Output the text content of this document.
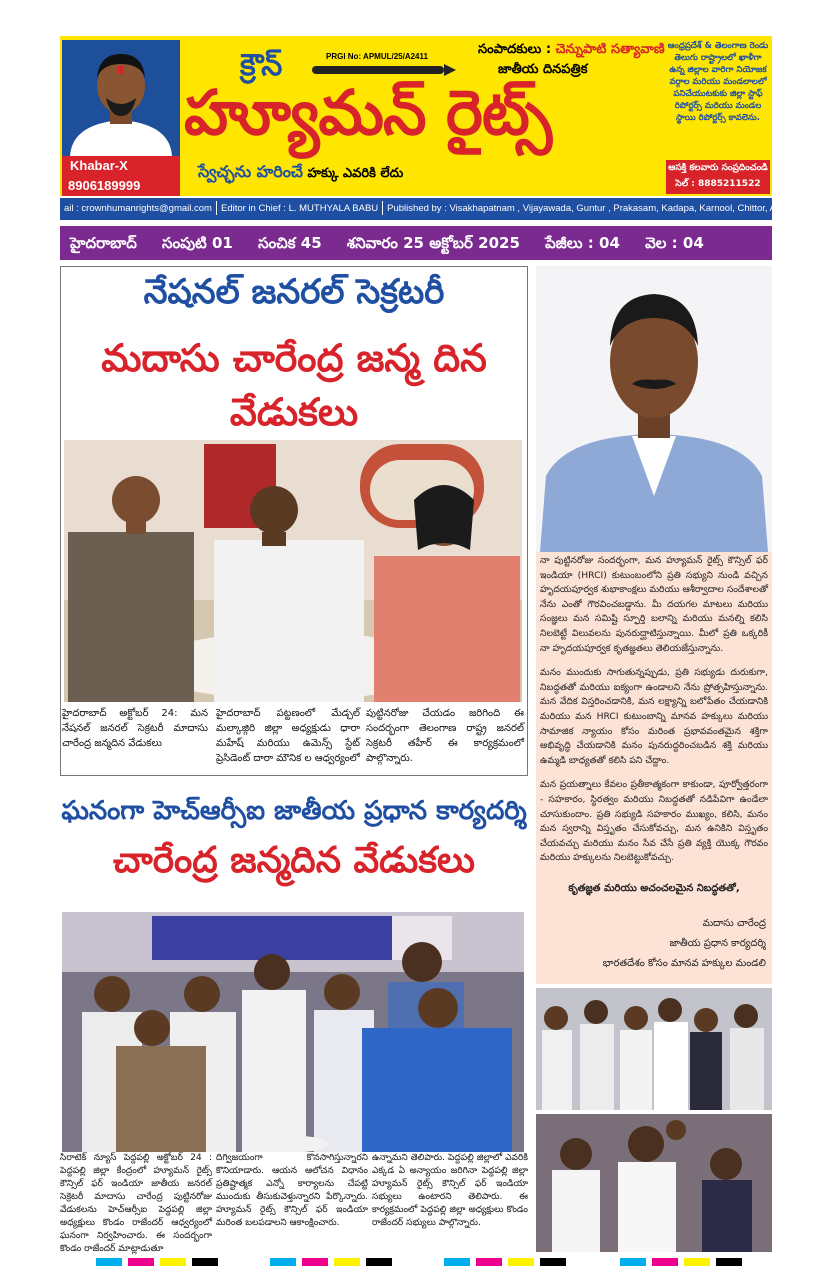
Khabar-X
8906189999
క్రౌన్	PRGI No: APMUL/25/A2411	సంపాదకులు : చెన్నుపాటి సత్యావాణి
జాతీయ దినపత్రిక
హ్యూమన్ రైట్స్
స్వేచ్ఛను హరించే హక్కు ఎవరికి లేదు
ఆంధ్రప్రదేశ్ & తెలంగాణ రెండు తెలుగు రాష్ట్రాలలో ఖాళీగా ఉన్న జిల్లాల వారిగా నియోజక వర్గాల మరియు మండలాలలో పనిచేయుటకుకు జిల్లా స్టాఫ్ రిపోర్టర్స్ మరియు మండల స్థాయి రిపోర్టర్స్ కావలెను.
ఆసక్తి కలవారు సంప్రదించండి
సెల్ : 8885211522
ail : crownhumanrights@gmail.com Editor in Chief : L. MUTHYALA BABU Published by : Visakhapatnam , Vijayawada, Guntur , Prakasam, Kadapa, Karnool, Chittor, Ananthapuram
హైదరాబాద్ సంపుటి 01 సంచిక 45 శనివారం 25 అక్టోబర్ 2025 పేజీలు : 04 వెల : 04
నేషనల్ జనరల్ సెక్రటరీ
మదాసు చారేంద్ర జన్మ దిన వేడుకలు
హైదరాబాద్ అక్టోబర్ 24: మన నేషనల్ జనరల్ సెక్రటరీ మాదాసు చారేంద్ర జన్మదిన వేడుకలు
హైదరాబాద్ పట్టణంలో మేడ్చల్ మల్కాజ్గిరి జిల్లా అధ్యక్షుడు ధారా మహేష్ మరియు ఉమెన్స్ స్టేట్ ప్రెసిడెంట్ దారా మౌనిక ల ఆధ్వర్యంలో
పుట్టినరోజు చేయడం జరిగింది ఈ సందర్భంగా తెలంగాణ రాష్ట్ర జనరల్ సెక్రటరీ తహీర్ ఈ కార్యక్రమంలో పాల్గొన్నారు.
ఘనంగా హెచ్ఆర్సీఐ జాతీయ ప్రధాన కార్యదర్శి
చారేంద్ర జన్మదిన వేడుకలు
సిరాటెక్ న్యూస్ పెద్దపల్లి అక్టోబర్ 24 : పెద్దపల్లి జిల్లా కేంద్రంలో హ్యూమన్ రైట్స్ కౌన్సిల్ ఫర్ ఇండియా జాతీయ జనరల్ సెక్రెటరీ మాదాసు చారేంద్ర పుట్టినరోజు వేడుకలను హెచ్ఆర్సీఐ పెద్దపల్లి జిల్లా అధ్యక్షులు కొండం రాజేందర్ ఆధ్వర్యంలో ఘనంగా నిర్వహించారు. ఈ సందర్భంగా కొండం రాజేందర్ మాట్లాడుతూ
దిగ్విజయంగా కొనసాగిస్తున్నారని కొనియాడారు. ఆయన ఆలోచన విధానం ప్రతిష్టాత్మక ఎన్నో కార్యాలను చేపట్టి ముందుకు తీసుకువెళ్తున్నారని పేర్కొన్నారు. హ్యూమన్ రైట్స్ కౌన్సిల్ ఫర్ ఇండియా మరింత బలపడాలని ఆకాంక్షించారు.
ఉన్నామని తెలిపారు. పెద్దపల్లి జిల్లాలో ఎవరికి ఎక్కడ ఏ అన్యాయం జరిగినా పెద్దపల్లి జిల్లా హ్యూమన్ రైట్స్ కౌన్సిల్ ఫర్ ఇండియా సభ్యులు ఉంటారని తెలిపారు. ఈ కార్యక్రమంలో పెద్దపల్లి జిల్లా అధ్యక్షులు కొండం రాజేందర్ సభ్యులు పాల్గొన్నారు.

నా పుట్టినరోజు సందర్భంగా, మన హ్యూమన్ రైట్స్ కౌన్సిల్ ఫర్ ఇండియా (HRCI) కుటుంబంలోని ప్రతి సభ్యుని నుండి వచ్చిన హృదయపూర్వక శుభాకాంక్షలు మరియు ఆశీర్వాదాల సందేశాలతో నేను ఎంతో గౌరవించబడ్డాను. మీ దయగల మాటలు మరియు సంజ్ఞలు మన సమిష్టి స్ఫూర్తి బలాన్ని మరియు మనల్ని కలిసి నిలబెట్టే విలువలను పునరుద్ఘాటిస్తున్నాయి. మీలో ప్రతి ఒక్కరికీ నా హృదయపూర్వక కృతజ్ఞతలు తెలియజేస్తున్నాను.

మనం ముందుకు సాగుతున్నప్పుడు, ప్రతి సభ్యుడు దురుకుగా, నిబద్ధతతో మరియు ఐక్యంగా ఉండాలని నేను ప్రోత్సహిస్తున్నాను. మన వేదిక విస్తరించడానికి, మన లక్ష్యాన్ని బలోపేతం చేయడానికి మరియు మన HRCI కుటుంబాన్ని మానవ హక్కులు మరియు సామాజిక న్యాయం కోసం మరింత ప్రభావవంతమైన శక్తిగా అభివృద్ధి చేయడానికి మనం పునరుద్ధరించబడిన శక్తి మరియు ఉమ్మడి బాధ్యతతో కలిసి పని చేద్దాం.

మన ప్రయత్నాలు కేవలం ప్రతీకాత్మకంగా కాకుండా, పూర్వోత్తరంగా - సహకారం, స్థిరత్వం మరియు నిబద్ధతతో నడిపేవిగా ఉండేలా చూసుకుందాం. ప్రతి సభ్యుడి సహకారం ముఖ్యం, కలిసి, మనం మన స్వరాన్ని విస్తృతం చేసుకోవచ్చు, మన ఉనికిని విస్తృతం చేయవచ్చు మరియు మనం సేవ చేసే ప్రతి వ్యక్తి యొక్క గౌరవం మరియు హక్కులను నిలబెట్టుకోవచ్చు.

కృతజ్ఞత మరియు అచంచలమైన నిబద్ధతతో,
మదాసు చారేంద్ర
జాతీయ ప్రధాన కార్యదర్శి
భారతదేశం కోసం మానవ హక్కుల మండలి
